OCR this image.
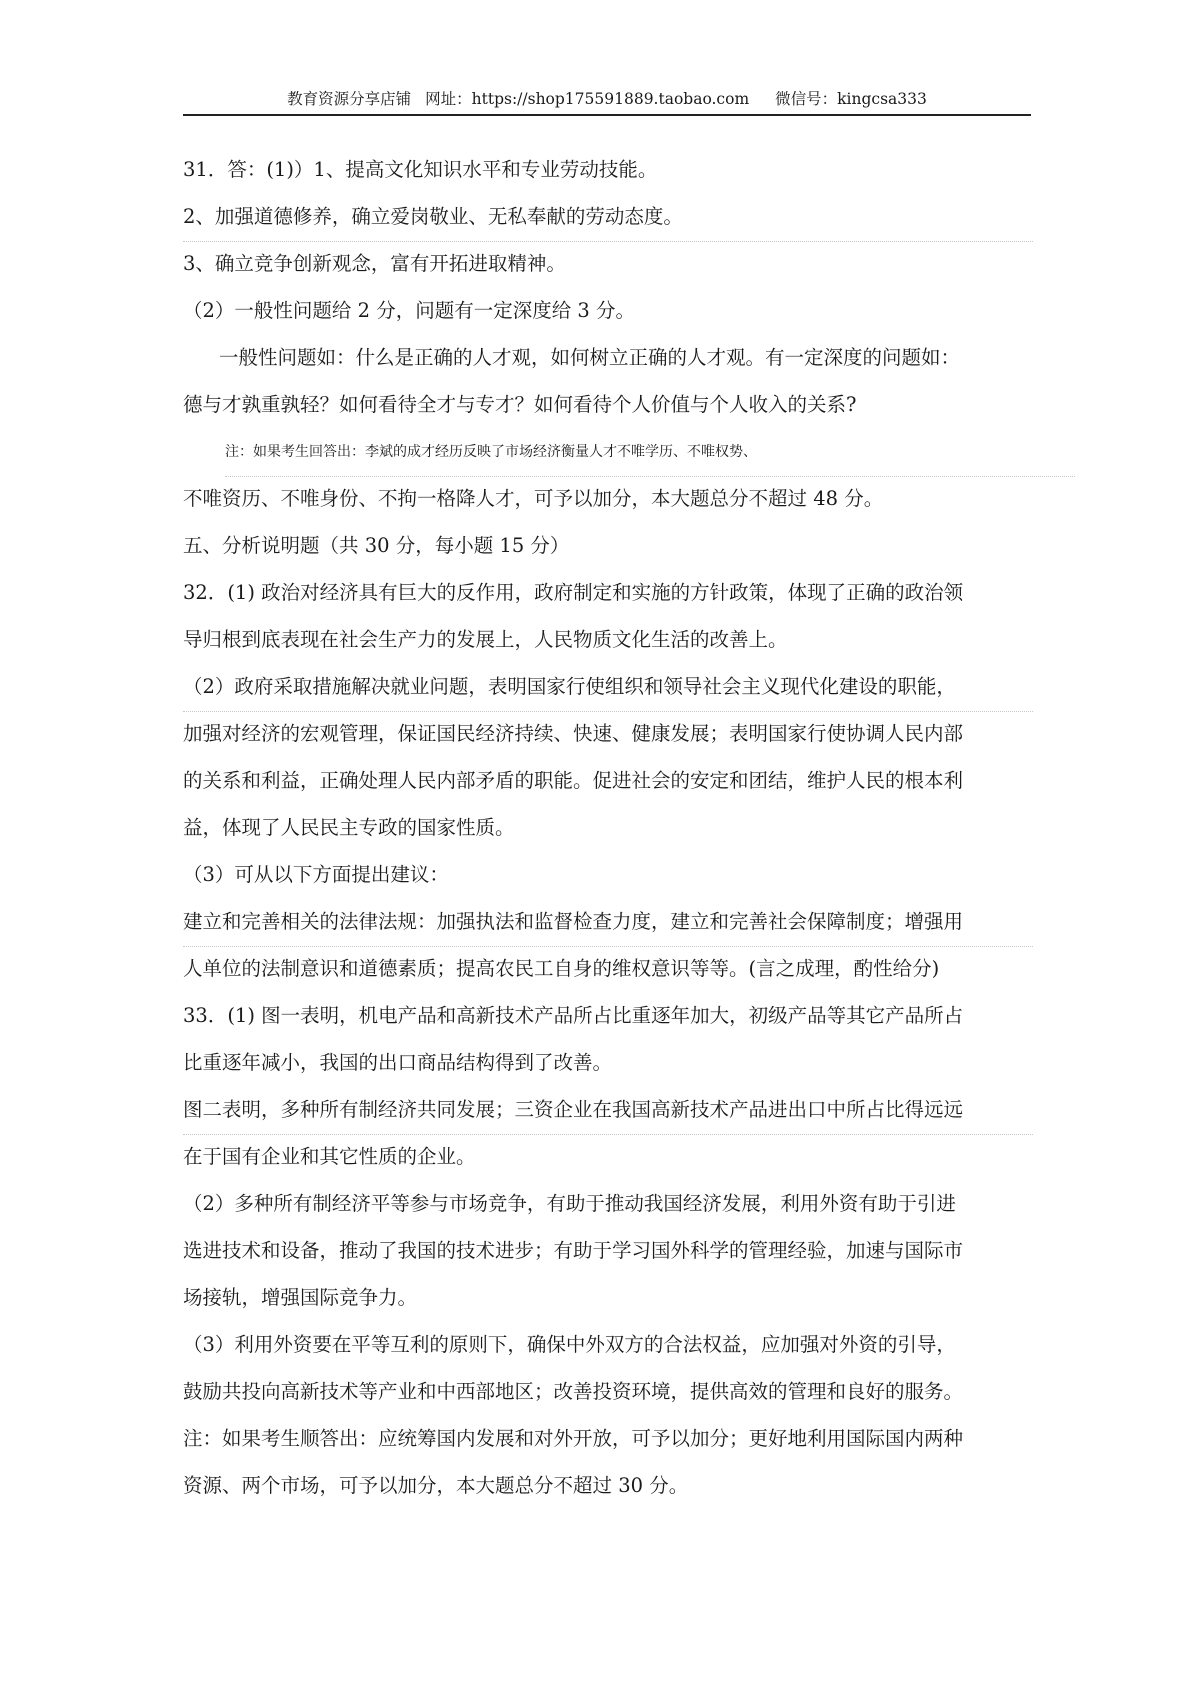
教育资源分享店铺 网址：https://shop175591889.taobao.com 微信号：kingcsa333
31．答：(1)）1、提高文化知识水平和专业劳动技能。
2、加强道德修养，确立爱岗敬业、无私奉献的劳动态度。
3、确立竞争创新观念，富有开拓进取精神。
（2）一般性问题给 2 分，问题有一定深度给 3 分。
一般性问题如：什么是正确的人才观，如何树立正确的人才观。有一定深度的问题如：
德与才孰重孰轻？如何看待全才与专才？如何看待个人价值与个人收入的关系?
注：如果考生回答出：李斌的成才经历反映了市场经济衡量人才不唯学历、不唯权势、
不唯资历、不唯身份、不拘一格降人才，可予以加分，本大题总分不超过 48 分。
五、分析说明题（共 30 分，每小题 15 分）
32．(1) 政治对经济具有巨大的反作用，政府制定和实施的方针政策，体现了正确的政治领
导归根到底表现在社会生产力的发展上，人民物质文化生活的改善上。
（2）政府采取措施解决就业问题，表明国家行使组织和领导社会主义现代化建设的职能，
加强对经济的宏观管理，保证国民经济持续、快速、健康发展；表明国家行使协调人民内部
的关系和利益，正确处理人民内部矛盾的职能。促进社会的安定和团结，维护人民的根本利
益，体现了人民民主专政的国家性质。
（3）可从以下方面提出建议：
建立和完善相关的法律法规：加强执法和监督检查力度，建立和完善社会保障制度；增强用
人单位的法制意识和道德素质；提高农民工自身的维权意识等等。(言之成理，酌性给分)
33．(1) 图一表明，机电产品和高新技术产品所占比重逐年加大，初级产品等其它产品所占
比重逐年减小，我国的出口商品结构得到了改善。
图二表明，多种所有制经济共同发展；三资企业在我国高新技术产品进出口中所占比得远远
在于国有企业和其它性质的企业。
（2）多种所有制经济平等参与市场竞争，有助于推动我国经济发展，利用外资有助于引进
选进技术和设备，推动了我国的技术进步；有助于学习国外科学的管理经验，加速与国际市
场接轨，增强国际竞争力。
（3）利用外资要在平等互利的原则下，确保中外双方的合法权益，应加强对外资的引导，
鼓励共投向高新技术等产业和中西部地区；改善投资环境，提供高效的管理和良好的服务。
注：如果考生顺答出：应统筹国内发展和对外开放，可予以加分；更好地利用国际国内两种
资源、两个市场，可予以加分，本大题总分不超过 30 分。
